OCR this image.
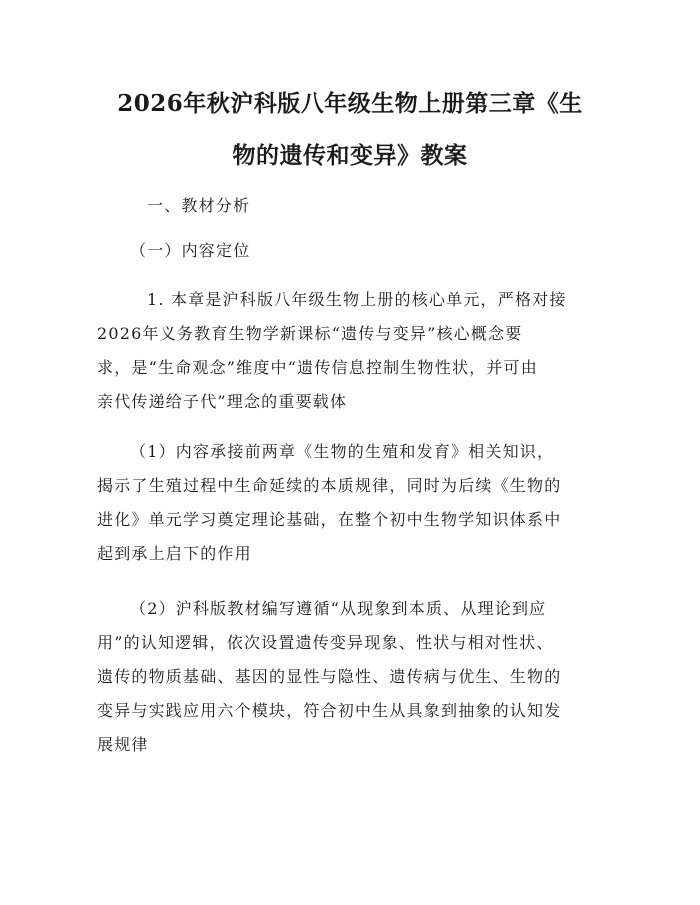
2026年秋沪科版八年级生物上册第三章《生
物的遗传和变异》教案
一、教材分析
（一）内容定位
1. 本章是沪科版八年级生物上册的核心单元，严格对接
2026年义务教育生物学新课标“遗传与变异”核心概念要
求，是“生命观念”维度中“遗传信息控制生物性状，并可由
亲代传递给子代”理念的重要载体
（1）内容承接前两章《生物的生殖和发育》相关知识，
揭示了生殖过程中生命延续的本质规律，同时为后续《生物的
进化》单元学习奠定理论基础，在整个初中生物学知识体系中
起到承上启下的作用
（2）沪科版教材编写遵循“从现象到本质、从理论到应
用”的认知逻辑，依次设置遗传变异现象、性状与相对性状、
遗传的物质基础、基因的显性与隐性、遗传病与优生、生物的
变异与实践应用六个模块，符合初中生从具象到抽象的认知发
展规律
